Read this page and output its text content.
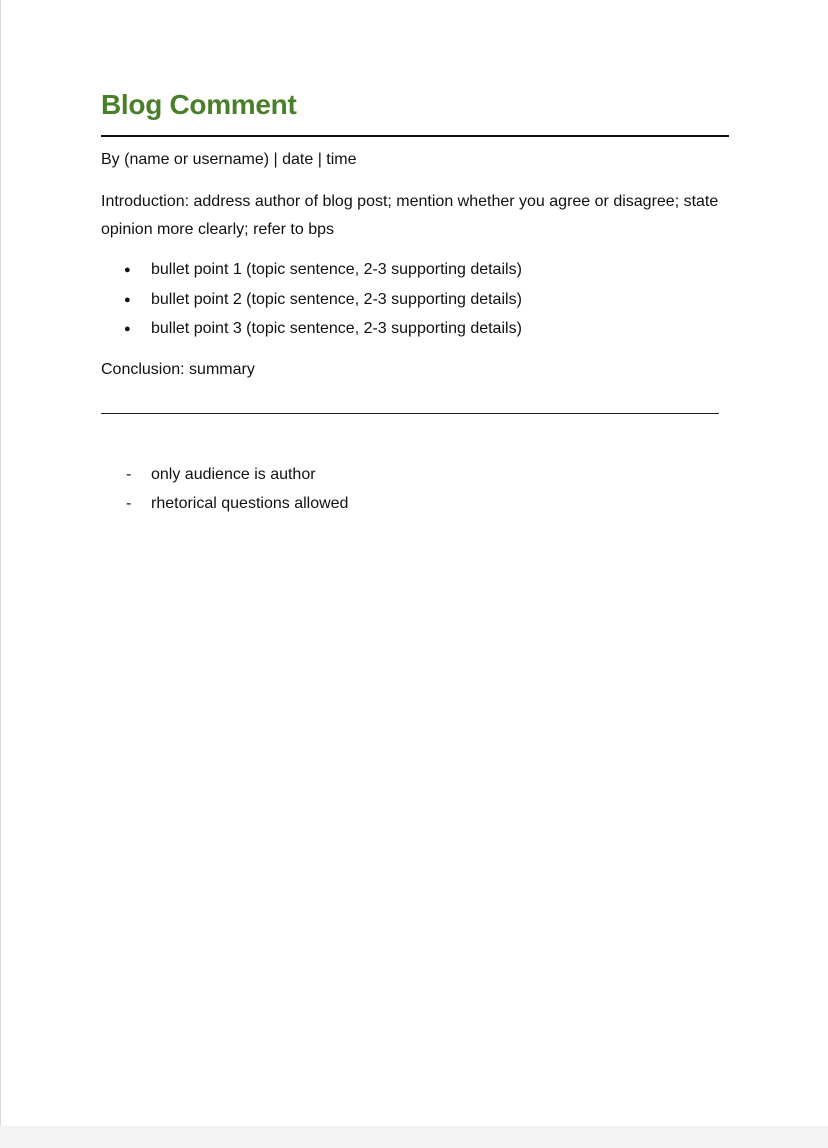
Blog Comment
By (name or username) | date | time

Introduction: address author of blog post; mention whether you agree or disagree; state opinion more clearly; refer to bps

● bullet point 1 (topic sentence, 2-3 supporting details)
● bullet point 2 (topic sentence, 2-3 supporting details)
● bullet point 3 (topic sentence, 2-3 supporting details)
Conclusion: summary
- only audience is author
- rhetorical questions allowed
